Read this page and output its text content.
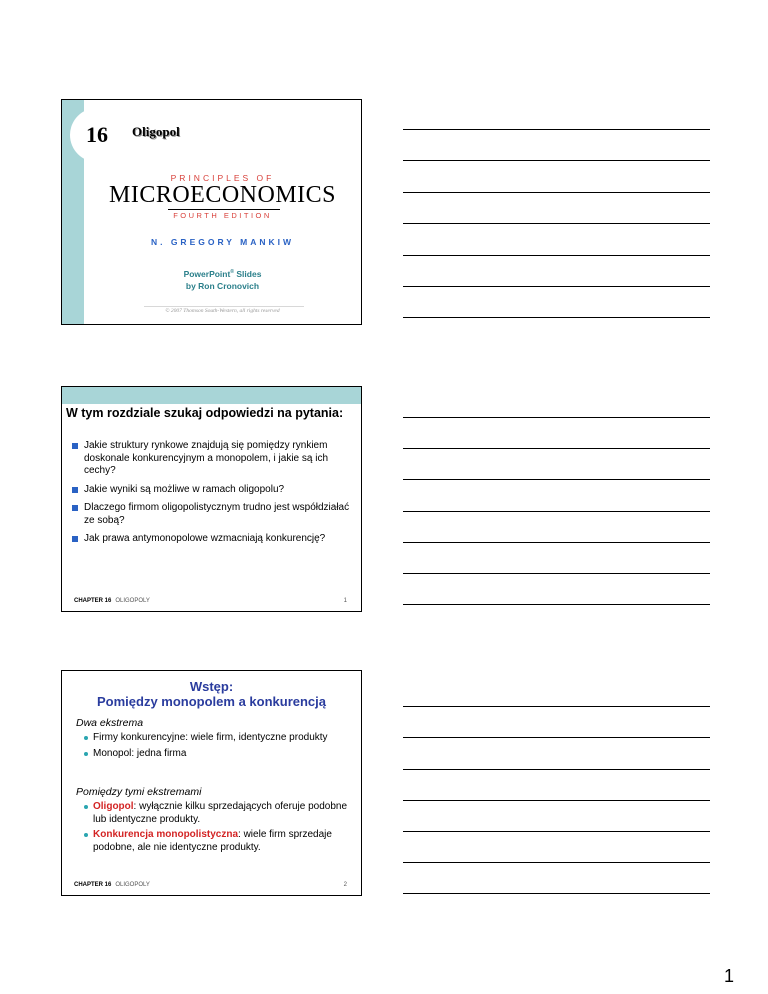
16	Oligopol
PRINCIPLES OF
MICROECONOMICS
FOURTH EDITION
N. GREGORY MANKIW
PowerPoint® Slides
by Ron Cronovich
© 2007 Thomson South-Western, all rights reserved
W tym rozdziale szukaj odpowiedzi na pytania:
Jakie struktury rynkowe znajdują się pomiędzy rynkiem doskonale konkurencyjnym a monopolem, i jakie są ich cechy?
Jakie wyniki są możliwe w ramach oligopolu?
Dlaczego firmom oligopolistycznym trudno jest współdziałać ze sobą?
Jak prawa antymonopolowe wzmacniają konkurencję?
CHAPTER 16 OLIGOPOLY	1
Wstęp:
Pomiędzy monopolem a konkurencją
Dwa ekstrema
Firmy konkurencyjne: wiele firm, identyczne produkty
Monopol: jedna firma
Pomiędzy tymi ekstremami
Oligopol: wyłącznie kilku sprzedających oferuje podobne lub identyczne produkty.
Konkurencja monopolistyczna: wiele firm sprzedaje podobne, ale nie identyczne produkty.
CHAPTER 16 OLIGOPOLY	2
1
